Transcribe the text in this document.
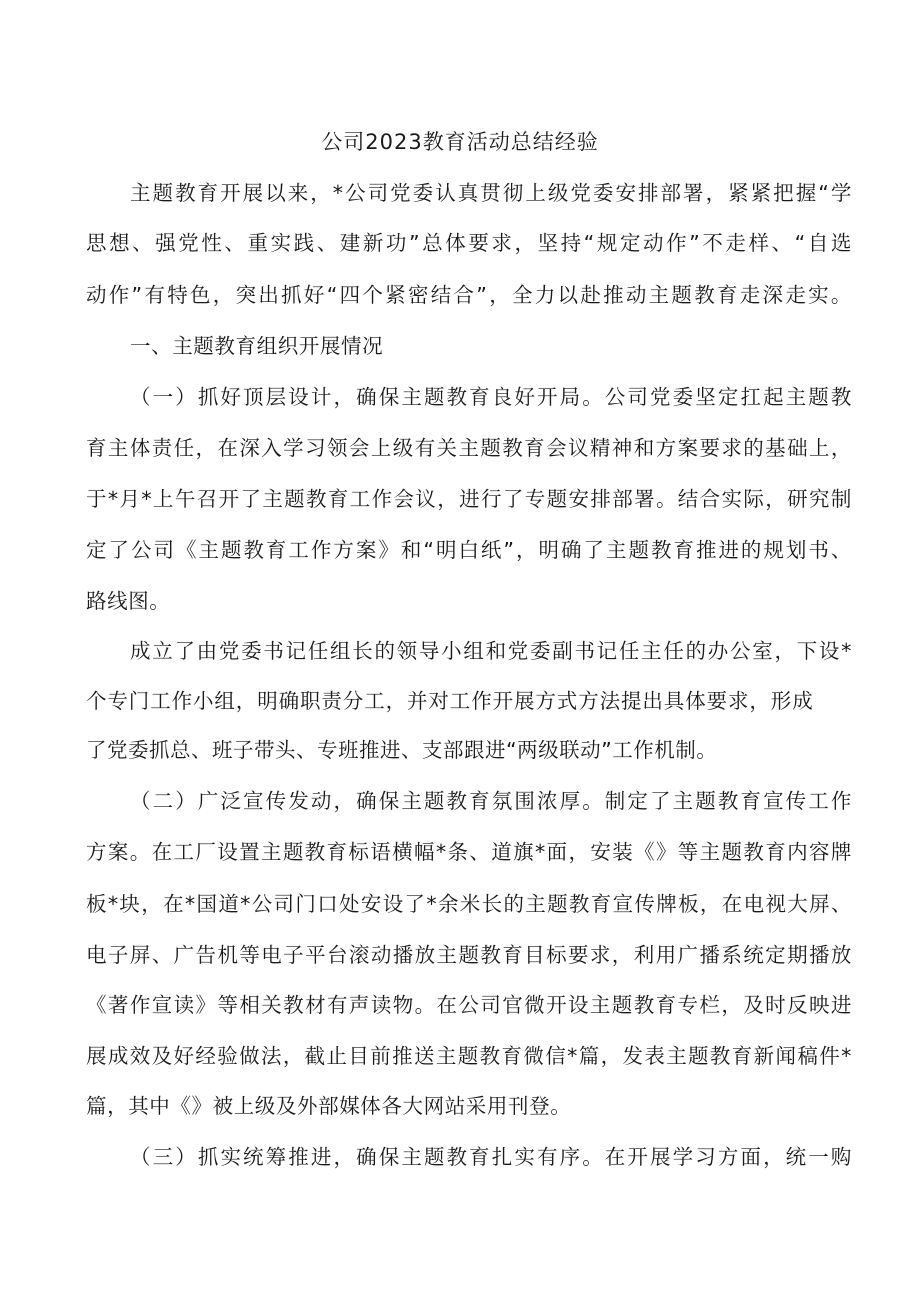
公司2023教育活动总结经验
主题教育开展以来，*公司党委认真贯彻上级党委安排部署，紧紧把握“学
思想、强党性、重实践、建新功”总体要求，坚持“规定动作”不走样、“自选
动作”有特色，突出抓好“四个紧密结合”，全力以赴推动主题教育走深走实。
一、主题教育组织开展情况
（一）抓好顶层设计，确保主题教育良好开局。公司党委坚定扛起主题教
育主体责任，在深入学习领会上级有关主题教育会议精神和方案要求的基础上，
于*月*上午召开了主题教育工作会议，进行了专题安排部署。结合实际，研究制
定了公司《主题教育工作方案》和“明白纸”，明确了主题教育推进的规划书、
路线图。
成立了由党委书记任组长的领导小组和党委副书记任主任的办公室，下设*
个专门工作小组，明确职责分工，并对工作开展方式方法提出具体要求，形成
了党委抓总、班子带头、专班推进、支部跟进“两级联动”工作机制。
（二）广泛宣传发动，确保主题教育氛围浓厚。制定了主题教育宣传工作
方案。在工厂设置主题教育标语横幅*条、道旗*面，安装《》等主题教育内容牌
板*块，在*国道*公司门口处安设了*余米长的主题教育宣传牌板，在电视大屏、
电子屏、广告机等电子平台滚动播放主题教育目标要求，利用广播系统定期播放
《著作宣读》等相关教材有声读物。在公司官微开设主题教育专栏，及时反映进
展成效及好经验做法，截止目前推送主题教育微信*篇，发表主题教育新闻稿件*
篇，其中《》被上级及外部媒体各大网站采用刊登。
（三）抓实统筹推进，确保主题教育扎实有序。在开展学习方面，统一购
